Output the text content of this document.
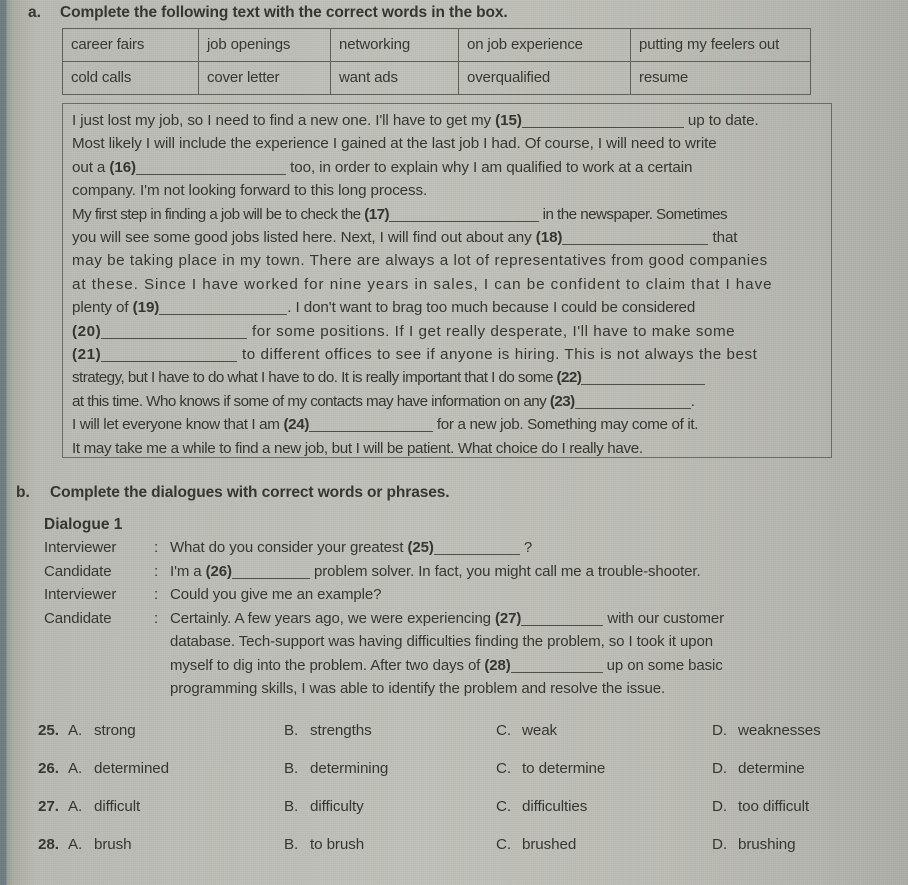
a.	Complete the following text with the correct words in the box.
career fairs	job openings	networking	on job experience	putting my feelers out
cold calls	cover letter	want ads	overqualified	resume
I just lost my job, so I need to find a new one. I'll have to get my (15)	up to date.
Most likely I will include the experience I gained at the last job I had. Of course, I will need to write
out a (16)	too, in order to explain why I am qualified to work at a certain
company. I'm not looking forward to this long process.
My first step in finding a job will be to check the (17)	in the newspaper. Sometimes
you will see some good jobs listed here. Next, I will find out about any (18)	that
may be taking place in my town. There are always a lot of representatives from good companies
at these. Since I have worked for nine years in sales, I can be confident to claim that I have
plenty of (19)	. I don't want to brag too much because I could be considered
(20)	for some positions. If I get really desperate, I'll have to make some
(21)	to different offices to see if anyone is hiring. This is not always the best
strategy, but I have to do what I have to do. It is really important that I do some (22)
at this time. Who knows if some of my contacts may have information on any (23)	.
I will let everyone know that I am (24)	for a new job. Something may come of it.
It may take me a while to find a new job, but I will be patient. What choice do I really have.
b.	Complete the dialogues with correct words or phrases.
Dialogue 1
Interviewer	: What do you consider your greatest (25)	?
Candidate	: I'm a (26)	problem solver. In fact, you might call me a trouble-shooter.
Interviewer	: Could you give me an example?
Candidate	: Certainly. A few years ago, we were experiencing (27)	with our customer
database. Tech-support was having difficulties finding the problem, so I took it upon
myself to dig into the problem. After two days of (28)	up on some basic
programming skills, I was able to identify the problem and resolve the issue.
25. A. strong	B. strengths	C. weak	D. weaknesses
26. A. determined	B. determining	C. to determine	D. determine
27. A. difficult	B. difficulty	C. difficulties	D. too difficult
28. A. brush	B. to brush	C. brushed	D. brushing
